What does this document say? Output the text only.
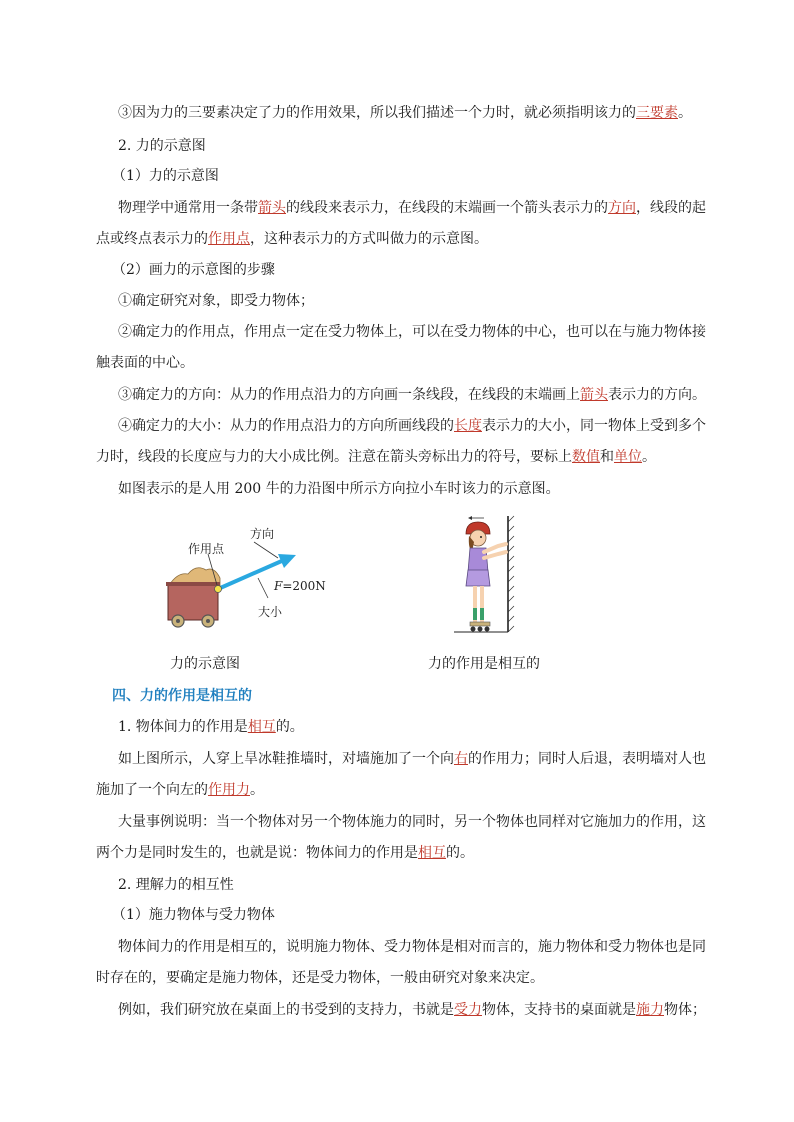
③因为力的三要素决定了力的作用效果，所以我们描述一个力时，就必须指明该力的三要素。
2. 力的示意图
（1）力的示意图
物理学中通常用一条带箭头的线段来表示力，在线段的末端画一个箭头表示力的方向，线段的起
点或终点表示力的作用点，这种表示力的方式叫做力的示意图。
（2）画力的示意图的步骤
①确定研究对象，即受力物体；
②确定力的作用点，作用点一定在受力物体上，可以在受力物体的中心，也可以在与施力物体接
触表面的中心。
③确定力的方向：从力的作用点沿力的方向画一条线段，在线段的末端画上箭头表示力的方向。
④确定力的大小：从力的作用点沿力的方向所画线段的长度表示力的大小，同一物体上受到多个
力时，线段的长度应与力的大小成比例。注意在箭头旁标出力的符号，要标上数值和单位。
如图表示的是人用 200 牛的力沿图中所示方向拉小车时该力的示意图。
作用点
方向
F=200N
大小
力的示意图	力的作用是相互的
四、力的作用是相互的
1. 物体间力的作用是相互的。
如上图所示，人穿上旱冰鞋推墙时，对墙施加了一个向右的作用力；同时人后退，表明墙对人也
施加了一个向左的作用力。
大量事例说明：当一个物体对另一个物体施力的同时，另一个物体也同样对它施加力的作用，这
两个力是同时发生的，也就是说：物体间力的作用是相互的。
2. 理解力的相互性
（1）施力物体与受力物体
物体间力的作用是相互的，说明施力物体、受力物体是相对而言的，施力物体和受力物体也是同
时存在的，要确定是施力物体，还是受力物体，一般由研究对象来决定。
例如，我们研究放在桌面上的书受到的支持力，书就是受力物体，支持书的桌面就是施力物体；
